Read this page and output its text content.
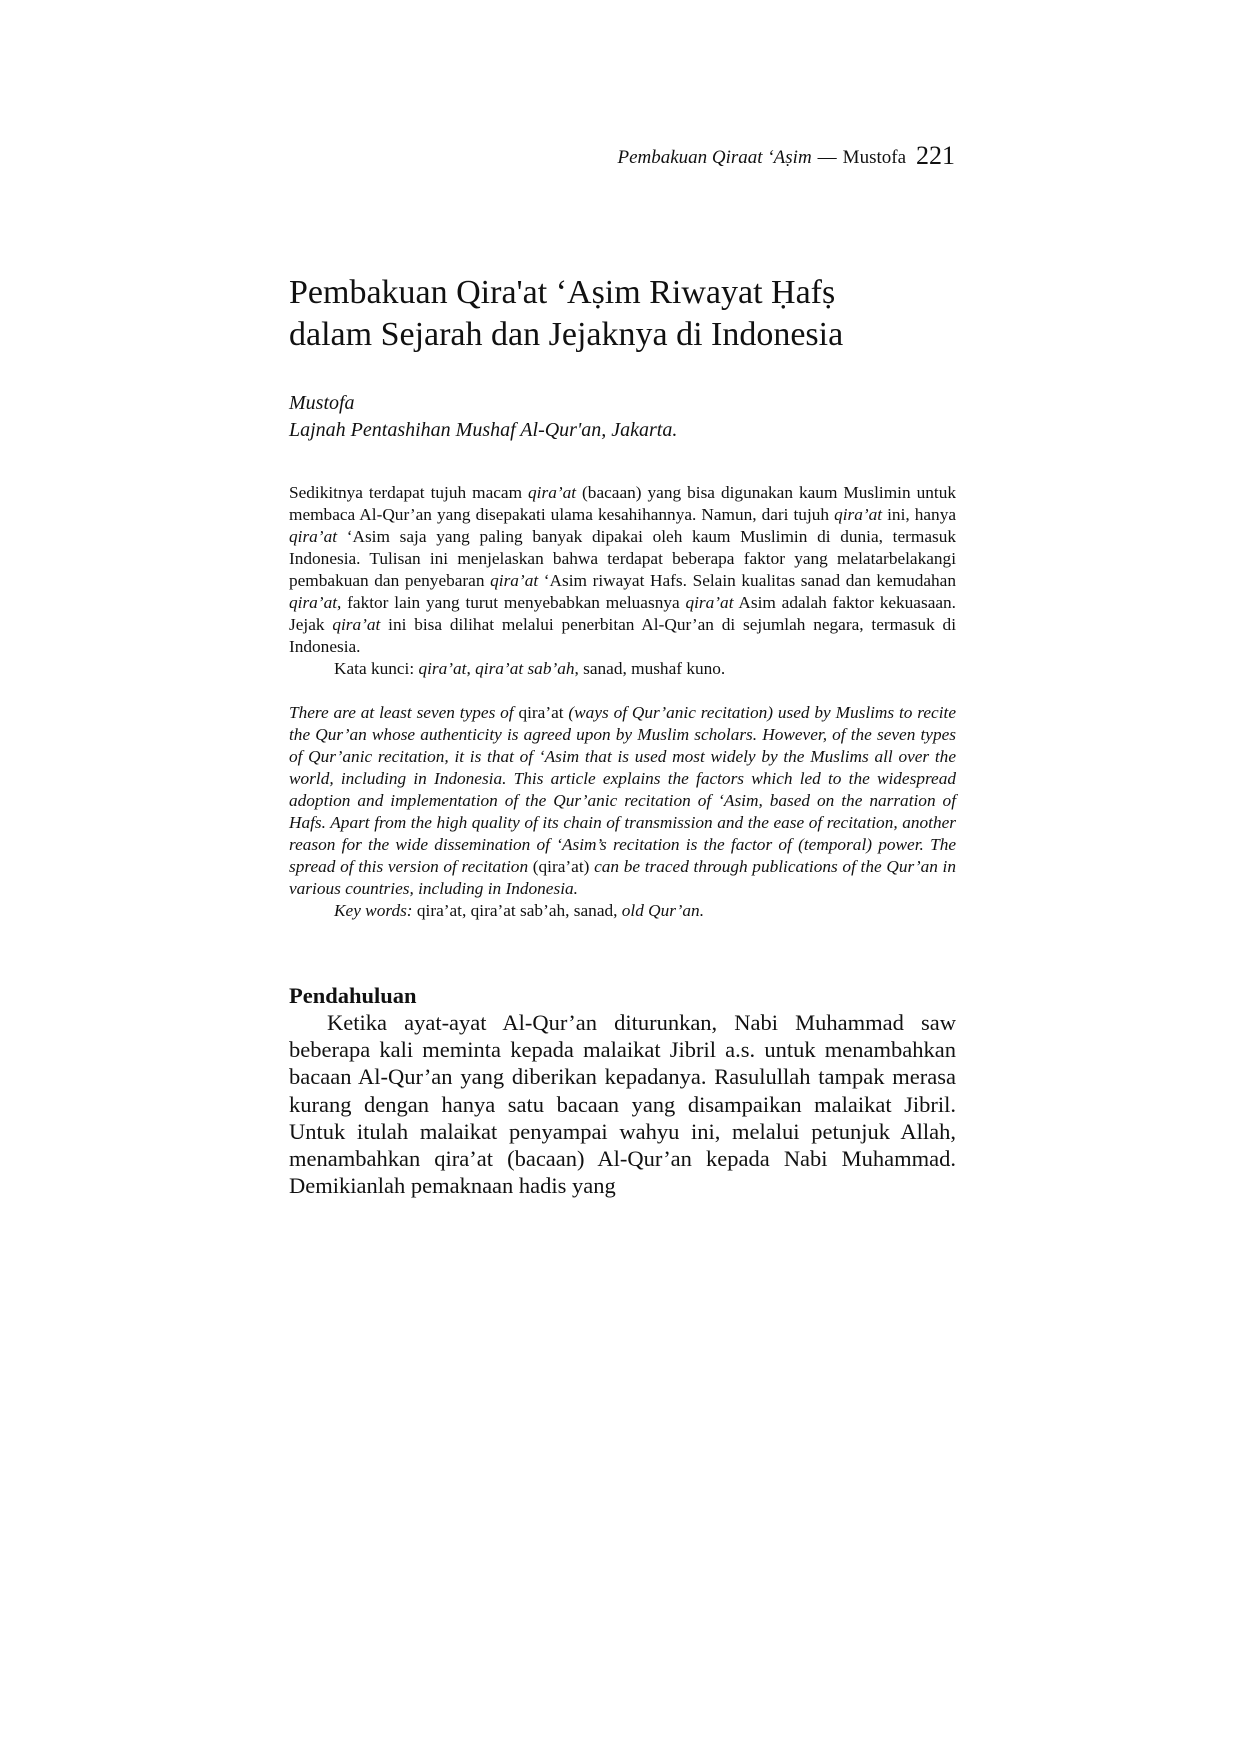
Pembakuan Qiraat ‘Aṣim — Mustofa 221
Pembakuan Qira'at ‘Aṣim Riwayat Ḥafṣ
dalam Sejarah dan Jejaknya di Indonesia

Mustofa

Lajnah Pentashihan Mushaf Al-Qur'an, Jakarta.

Sedikitnya terdapat tujuh macam qira’at (bacaan) yang bisa digunakan kaum Muslimin untuk membaca Al-Qur’an yang disepakati ulama kesahihannya. Namun, dari tujuh qira’at ini, hanya qira’at ‘Asim saja yang paling banyak dipakai oleh kaum Muslimin di dunia, termasuk Indonesia. Tulisan ini menjelaskan bahwa terdapat beberapa faktor yang melatarbelakangi pembakuan dan penyebaran qira’at ‘Asim riwayat Hafs. Selain kualitas sanad dan kemudahan qira’at, faktor lain yang turut menyebabkan meluasnya qira’at Asim adalah faktor kekuasaan. Jejak qira’at ini bisa dilihat melalui penerbitan Al-Qur’an di sejumlah negara, termasuk di Indonesia.

Kata kunci: qira’at, qira’at sab’ah, sanad, mushaf kuno.

There are at least seven types of qira’at (ways of Qur’anic recitation) used by Muslims to recite the Qur’an whose authenticity is agreed upon by Muslim scholars. However, of the seven types of Qur’anic recitation, it is that of ‘Asim that is used most widely by the Muslims all over the world, including in Indonesia. This article explains the factors which led to the widespread adoption and implementation of the Qur’anic recitation of ‘Asim, based on the narration of Hafs. Apart from the high quality of its chain of transmission and the ease of recitation, another reason for the wide dissemination of ‘Asim’s recitation is the factor of (temporal) power. The spread of this version of recitation (qira’at) can be traced through publications of the Qur’an in various countries, including in Indonesia.

Key words: qira’at, qira’at sab’ah, sanad, old Qur’an.

Pendahuluan

Ketika ayat-ayat Al-Qur’an diturunkan, Nabi Muhammad saw beberapa kali meminta kepada malaikat Jibril a.s. untuk menambahkan bacaan Al-Qur’an yang diberikan kepadanya. Rasulullah tampak merasa kurang dengan hanya satu bacaan yang disampaikan malaikat Jibril. Untuk itulah malaikat penyampai wahyu ini, melalui petunjuk Allah, menambahkan qira’at (bacaan) Al-Qur’an kepada Nabi Muhammad. Demikianlah pemaknaan hadis yang
